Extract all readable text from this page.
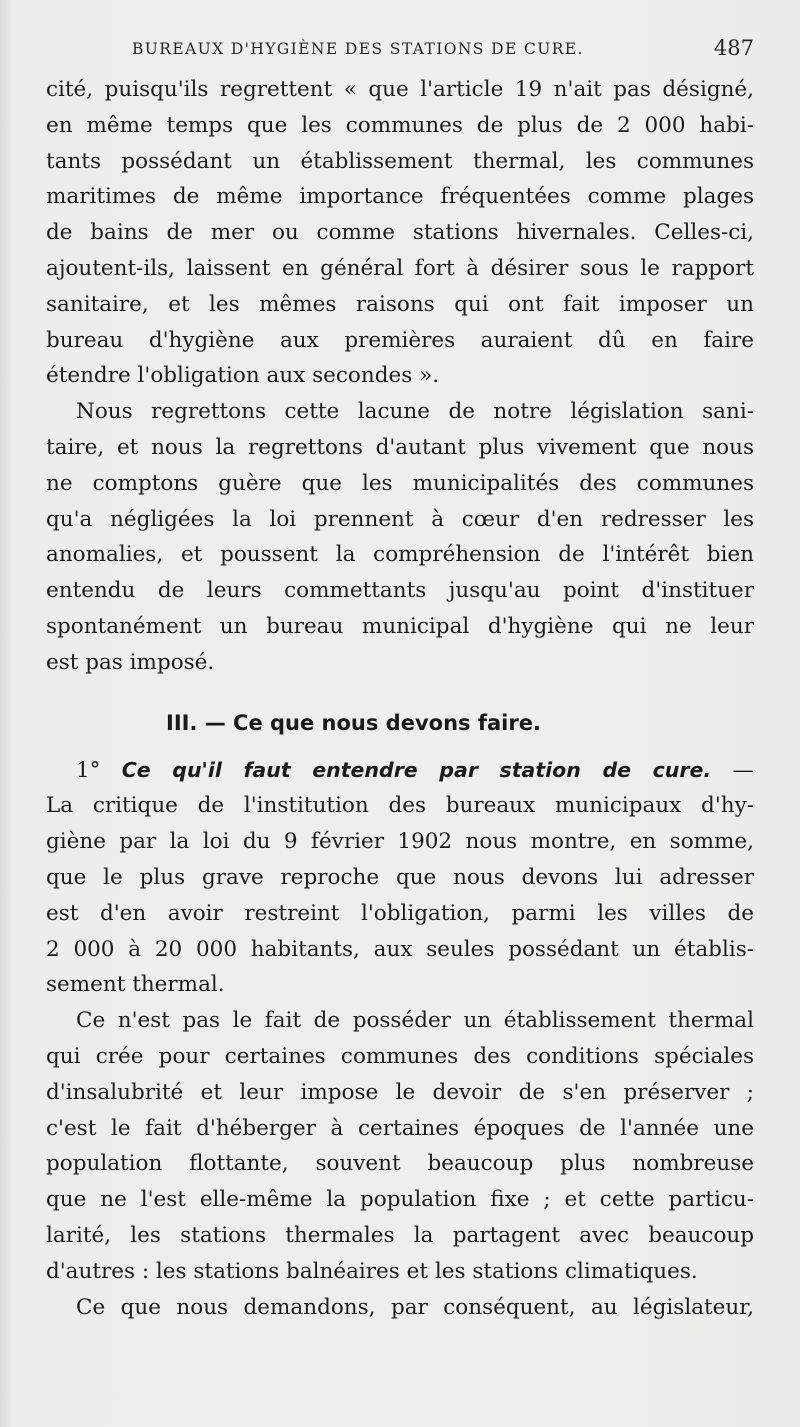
BUREAUX D'HYGIÈNE DES STATIONS DE CURE.	487
cité, puisqu'ils regrettent « que l'article 19 n'ait pas désigné,
en même temps que les communes de plus de 2 000 habi-
tants possédant un établissement thermal, les communes
maritimes de même importance fréquentées comme plages
de bains de mer ou comme stations hivernales. Celles-ci,
ajoutent-ils, laissent en général fort à désirer sous le rapport
sanitaire, et les mêmes raisons qui ont fait imposer un
bureau d'hygiène aux premières auraient dû en faire
étendre l'obligation aux secondes ».
Nous regrettons cette lacune de notre législation sani-
taire, et nous la regrettons d'autant plus vivement que nous
ne comptons guère que les municipalités des communes
qu'a négligées la loi prennent à cœur d'en redresser les
anomalies, et poussent la compréhension de l'intérêt bien
entendu de leurs commettants jusqu'au point d'instituer
spontanément un bureau municipal d'hygiène qui ne leur
est pas imposé.
III. — Ce que nous devons faire.
1° Ce qu'il faut entendre par station de cure. —
La critique de l'institution des bureaux municipaux d'hy-
giène par la loi du 9 février 1902 nous montre, en somme,
que le plus grave reproche que nous devons lui adresser
est d'en avoir restreint l'obligation, parmi les villes de
2 000 à 20 000 habitants, aux seules possédant un établis-
sement thermal.
Ce n'est pas le fait de posséder un établissement thermal
qui crée pour certaines communes des conditions spéciales
d'insalubrité et leur impose le devoir de s'en préserver ;
c'est le fait d'héberger à certaines époques de l'année une
population flottante, souvent beaucoup plus nombreuse
que ne l'est elle-même la population fixe ; et cette particu-
larité, les stations thermales la partagent avec beaucoup
d'autres : les stations balnéaires et les stations climatiques.
Ce que nous demandons, par conséquent, au législateur,
